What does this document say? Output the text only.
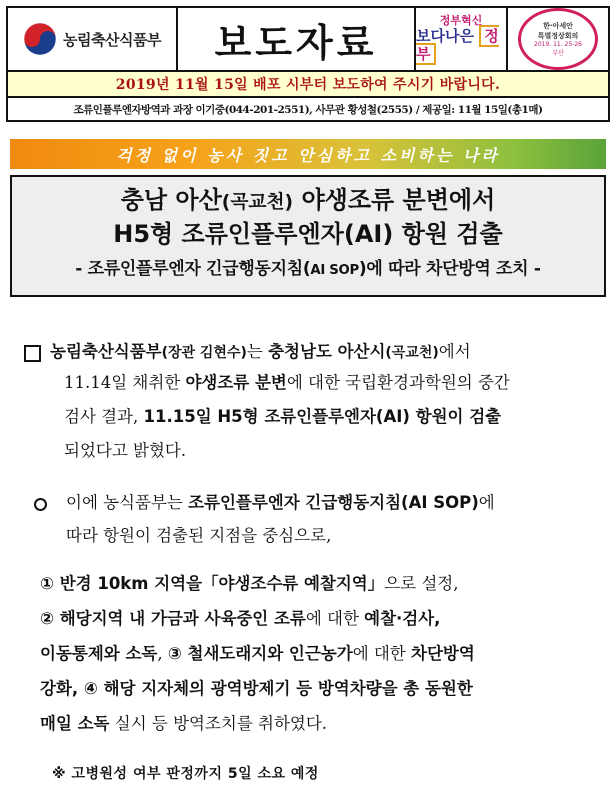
농림축산식품부 보도자료	정부혁신
보다나은 정부
한·아세안
특별정상회의
2019. 11. 25-26
부산
2019년 11월 15일 배포 시부터 보도하여 주시기 바랍니다.
조류인플루엔자방역과 과장 이기중(044-201-2551), 사무관 황성철(2555) / 제공일: 11월 15일(총1매)
걱정 없이 농사 짓고 안심하고 소비하는 나라
충남 아산(곡교천) 야생조류 분변에서
H5형 조류인플루엔자(AI) 항원 검출
- 조류인플루엔자 긴급행동지침(AI SOP)에 따라 차단방역 조치 -
농림축산식품부(장관 김현수)는 충청남도 아산시(곡교천)에서
11.14일 채취한 야생조류 분변에 대한 국립환경과학원의 중간
검사 결과, 11.15일 H5형 조류인플루엔자(AI) 항원이 검출
되었다고 밝혔다.
이에 농식품부는 조류인플루엔자 긴급행동지침(AI SOP)에
따라 항원이 검출된 지점을 중심으로,
① 반경 10km 지역을「야생조수류 예찰지역」으로 설정,
② 해당지역 내 가금과 사육중인 조류에 대한 예찰·검사,
이동통제와 소독, ③ 철새도래지와 인근농가에 대한 차단방역
강화, ④ 해당 지자체의 광역방제기 등 방역차량을 총 동원한
매일 소독 실시 등 방역조치를 취하였다.
※ 고병원성 여부 판정까지 5일 소요 예정
